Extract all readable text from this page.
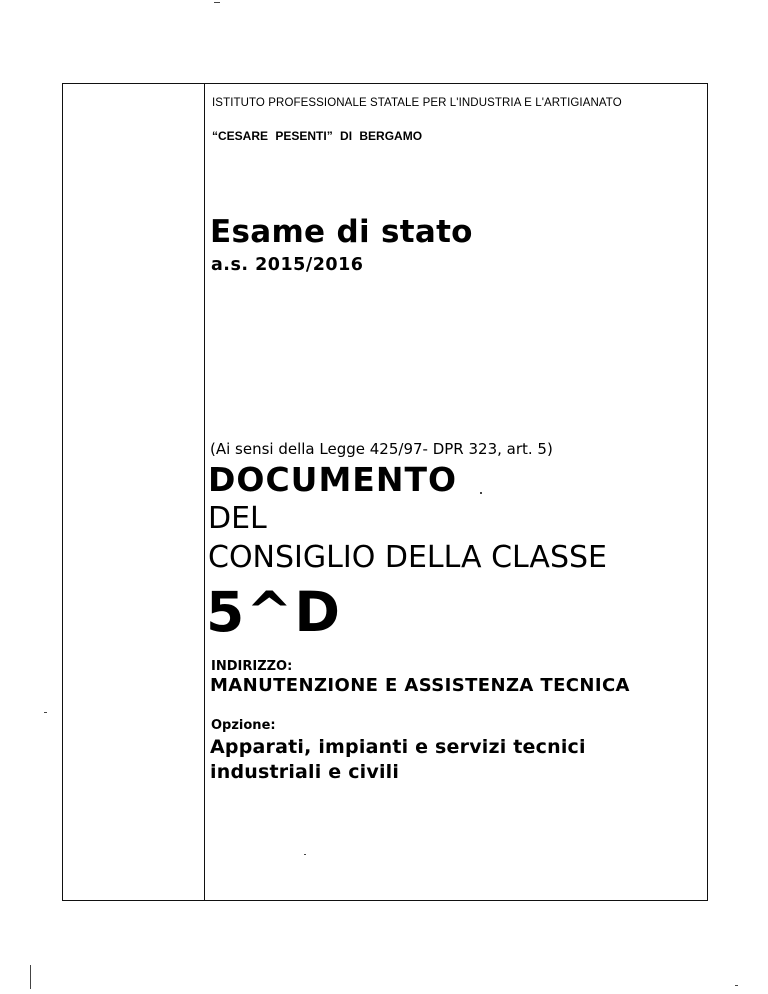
ISTITUTO PROFESSIONALE STATALE PER L'INDUSTRIA E L'ARTIGIANATO
“CESARE PESENTI” DI BERGAMO
Esame di stato
a.s. 2015/2016
(Ai sensi della Legge 425/97- DPR 323, art. 5)
DOCUMENTO
DEL
CONSIGLIO DELLA CLASSE
5^D
INDIRIZZO:
MANUTENZIONE E ASSISTENZA TECNICA
Opzione:
Apparati, impianti e servizi tecnici
industriali e civili
